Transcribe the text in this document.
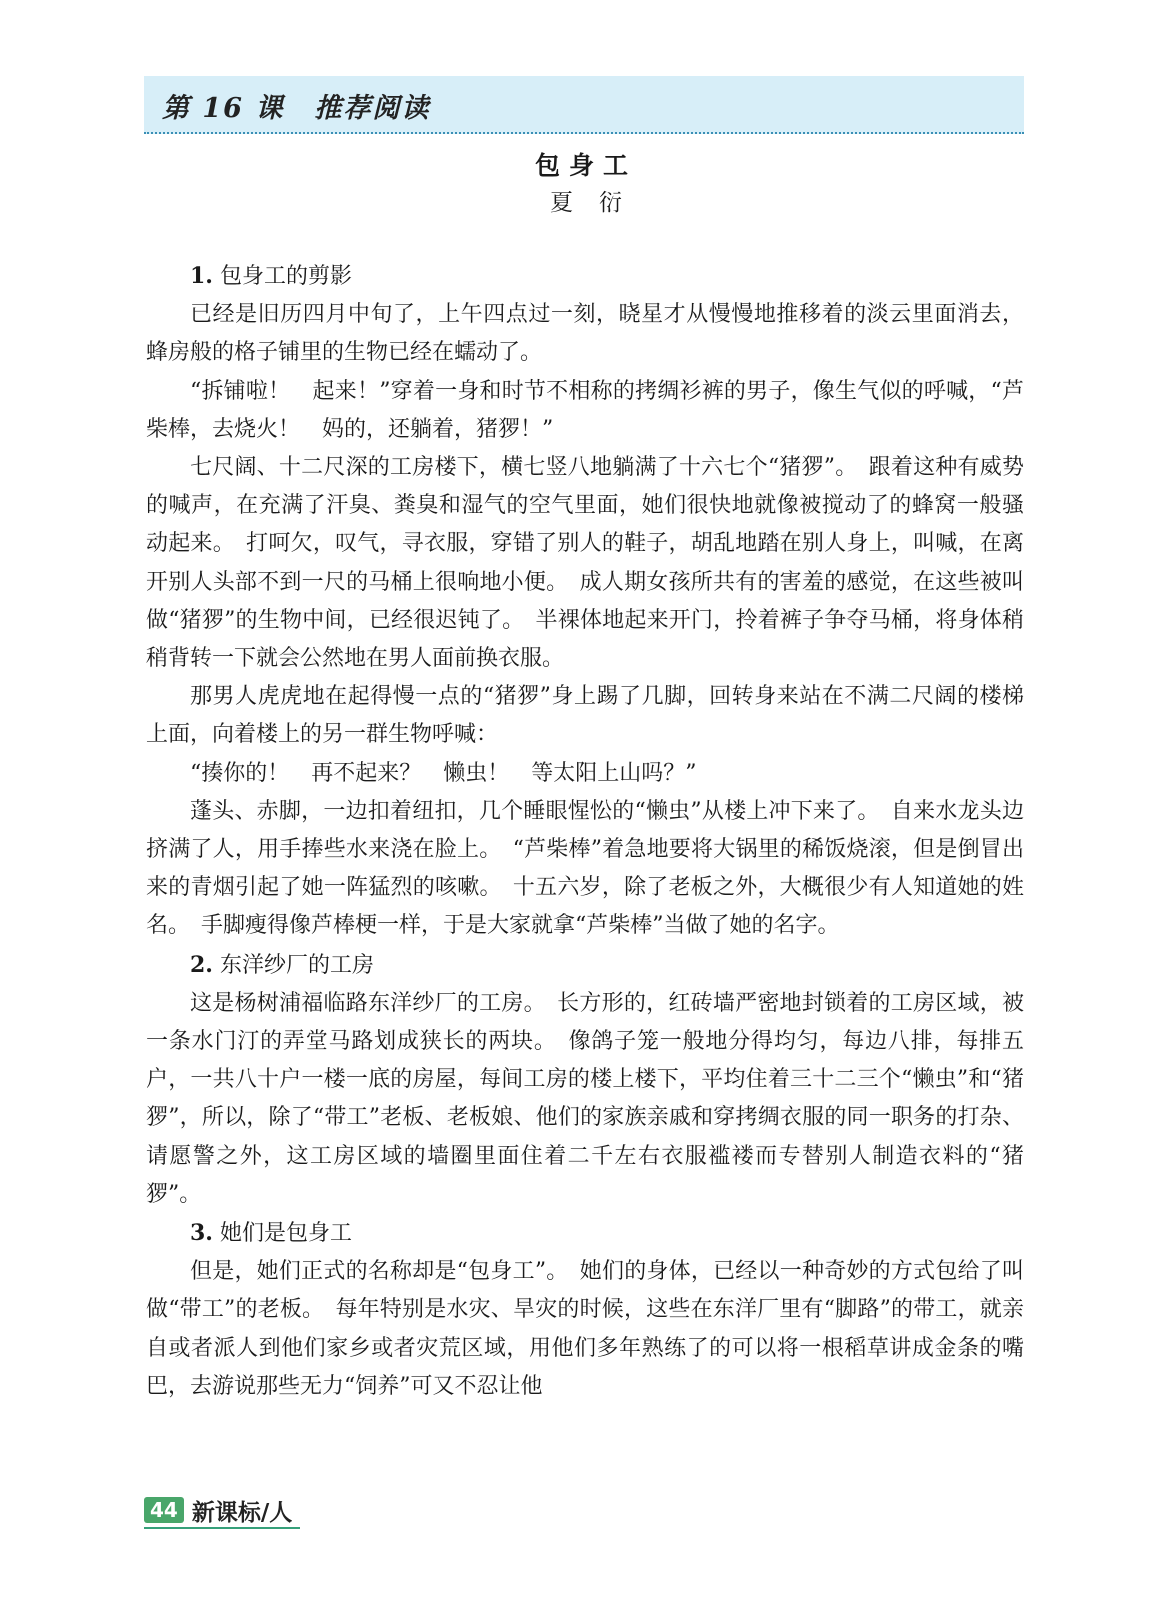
第 16 课 推荐阅读
包身工
夏衍

1. 包身工的剪影

已经是旧历四月中旬了，上午四点过一刻，晓星才从慢慢地推移着的淡云里面消去，蜂房般的格子铺里的生物已经在蠕动了。

“拆铺啦！　起来！”穿着一身和时节不相称的拷绸衫裤的男子，像生气似的呼喊，“芦柴棒，去烧火！　妈的，还躺着，猪猡！”

七尺阔、十二尺深的工房楼下，横七竖八地躺满了十六七个“猪猡”。　跟着这种有威势的喊声，在充满了汗臭、粪臭和湿气的空气里面，她们很快地就像被搅动了的蜂窝一般骚动起来。　打呵欠，叹气，寻衣服，穿错了别人的鞋子，胡乱地踏在别人身上，叫喊，在离开别人头部不到一尺的马桶上很响地小便。　成人期女孩所共有的害羞的感觉，在这些被叫做“猪猡”的生物中间，已经很迟钝了。　半裸体地起来开门，拎着裤子争夺马桶，将身体稍稍背转一下就会公然地在男人面前换衣服。

那男人虎虎地在起得慢一点的“猪猡”身上踢了几脚，回转身来站在不满二尺阔的楼梯上面，向着楼上的另一群生物呼喊：

“揍你的！　再不起来？　懒虫！　等太阳上山吗？”

蓬头、赤脚，一边扣着纽扣，几个睡眼惺忪的“懒虫”从楼上冲下来了。　自来水龙头边挤满了人，用手捧些水来浇在脸上。　“芦柴棒”着急地要将大锅里的稀饭烧滚，但是倒冒出来的青烟引起了她一阵猛烈的咳嗽。　十五六岁，除了老板之外，大概很少有人知道她的姓名。　手脚瘦得像芦棒梗一样，于是大家就拿“芦柴棒”当做了她的名字。

2. 东洋纱厂的工房

这是杨树浦福临路东洋纱厂的工房。　长方形的，红砖墙严密地封锁着的工房区域，被一条水门汀的弄堂马路划成狭长的两块。　像鸽子笼一般地分得均匀，每边八排，每排五户，一共八十户一楼一底的房屋，每间工房的楼上楼下，平均住着三十二三个“懒虫”和“猪猡”，所以，除了“带工”老板、老板娘、他们的家族亲戚和穿拷绸衣服的同一职务的打杂、请愿警之外，这工房区域的墙圈里面住着二千左右衣服褴褛而专替别人制造衣料的“猪猡”。

3. 她们是包身工

但是，她们正式的名称却是“包身工”。　她们的身体，已经以一种奇妙的方式包给了叫做“带工”的老板。　每年特别是水灾、旱灾的时候，这些在东洋厂里有“脚路”的带工，就亲自或者派人到他们家乡或者灾荒区域，用他们多年熟练了的可以将一根稻草讲成金条的嘴巴，去游说那些无力“饲养”可又不忍让他

44 新课标/人
